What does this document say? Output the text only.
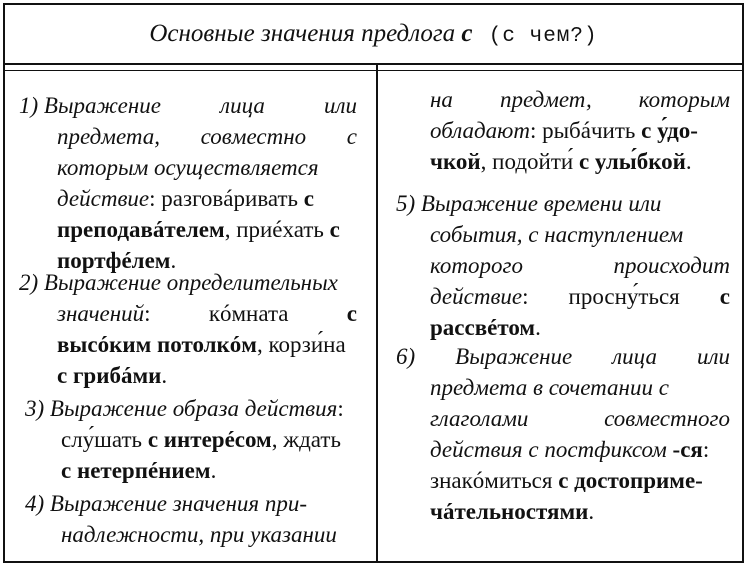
Основные значения предлога с (с чем?)
1) Выражение	лица	или
предмета, совместно с
которым осуществляется
действие: разговáривать с
преподавáтелем, приéхать с
портфéлем.
2) Выражение определительных
значений:	кóмната	с
высóким потолкóм, корзи́на
с грибáми.
3) Выражение образа действия:
слу́шать с интерéсом, ждать
с нетерпéнием.
4) Выражение значения при-
надлежности, при указании
на предмет, которым
обладают: рыбáчить с у́до-
чкой, подойти́ с улы́бкой.
5) Выражение времени или
события, с наступлением
которого	происходит
действие: просну́ться с
рассвéтом.
6) Выражение лица или
предмета в сочетании с
глаголами	совместного
действия с постфиксом -ся:
знакóмиться с достоприме-
чáтельностями.
